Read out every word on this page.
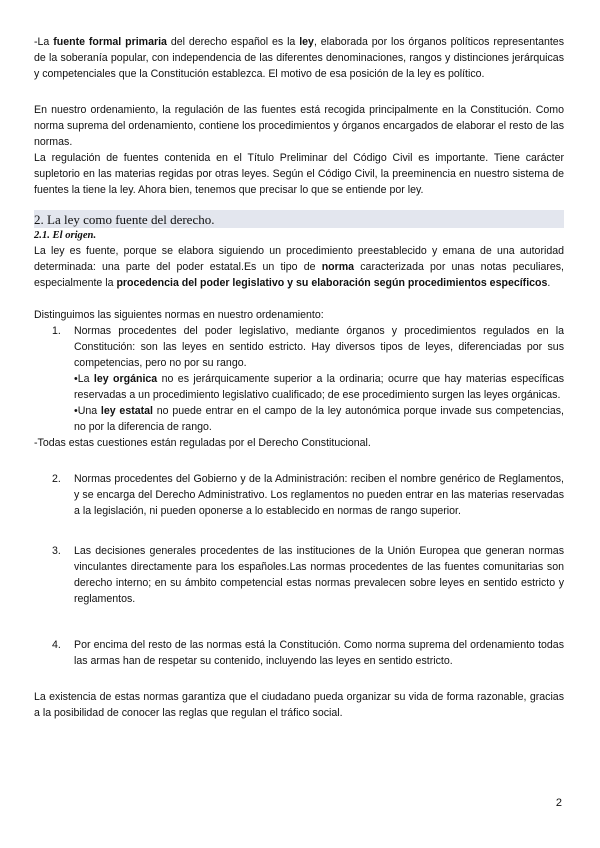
-La fuente formal primaria del derecho español es la ley, elaborada por los órganos políticos representantes de la soberanía popular, con independencia de las diferentes denominaciones, rangos y distinciones jerárquicas y competenciales que la Constitución establezca. El motivo de esa posición de la ley es político.

En nuestro ordenamiento, la regulación de las fuentes está recogida principalmente en la Constitución. Como norma suprema del ordenamiento, contiene los procedimientos y órganos encargados de elaborar el resto de las normas.

La regulación de fuentes contenida en el Título Preliminar del Código Civil es importante. Tiene carácter supletorio en las materias regidas por otras leyes. Según el Código Civil, la preeminencia en nuestro sistema de fuentes la tiene la ley. Ahora bien, tenemos que precisar lo que se entiende por ley.

2. La ley como fuente del derecho.
2.1. El origen.

La ley es fuente, porque se elabora siguiendo un procedimiento preestablecido y emana de una autoridad determinada: una parte del poder estatal.Es un tipo de norma caracterizada por unas notas peculiares, especialmente la procedencia del poder legislativo y su elaboración según procedimientos específicos.

Distinguimos las siguientes normas en nuestro ordenamiento:

1. Normas procedentes del poder legislativo, mediante órganos y procedimientos regulados en la Constitución: son las leyes en sentido estricto. Hay diversos tipos de leyes, diferenciadas por sus competencias, pero no por su rango.
•La ley orgánica no es jerárquicamente superior a la ordinaria; ocurre que hay materias específicas reservadas a un procedimiento legislativo cualificado; de ese procedimiento surgen las leyes orgánicas.
•Una ley estatal no puede entrar en el campo de la ley autonómica porque invade sus competencias, no por la diferencia de rango.

-Todas estas cuestiones están reguladas por el Derecho Constitucional.

2. Normas procedentes del Gobierno y de la Administración: reciben el nombre genérico de Reglamentos, y se encarga del Derecho Administrativo. Los reglamentos no pueden entrar en las materias reservadas a la legislación, ni pueden oponerse a lo establecido en normas de rango superior.
3. Las decisiones generales procedentes de las instituciones de la Unión Europea que generan normas vinculantes directamente para los españoles.Las normas procedentes de las fuentes comunitarias son derecho interno; en su ámbito competencial estas normas prevalecen sobre leyes en sentido estricto y reglamentos.
4. Por encima del resto de las normas está la Constitución. Como norma suprema del ordenamiento todas las armas han de respetar su contenido, incluyendo las leyes en sentido estricto.

La existencia de estas normas garantiza que el ciudadano pueda organizar su vida de forma razonable, gracias a la posibilidad de conocer las reglas que regulan el tráfico social.

2
